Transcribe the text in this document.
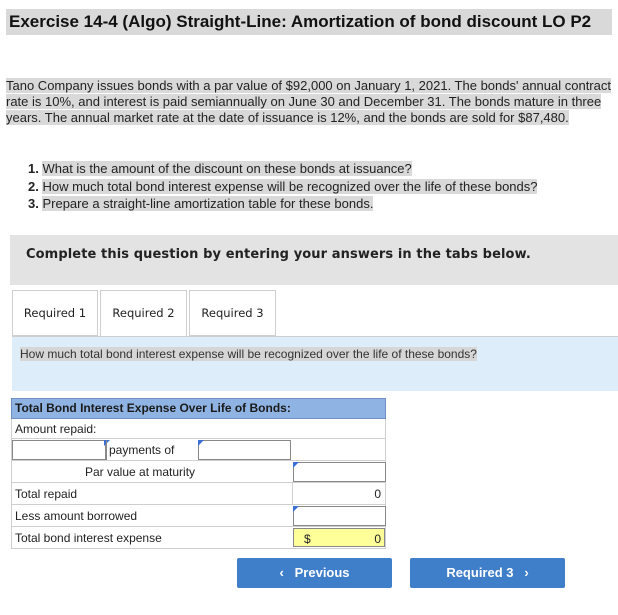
Exercise 14-4 (Algo) Straight-Line: Amortization of bond discount LO P2
Tano Company issues bonds with a par value of $92,000 on January 1, 2021. The bonds' annual contract rate is 10%, and interest is paid semiannually on June 30 and December 31. The bonds mature in three years. The annual market rate at the date of issuance is 12%, and the bonds are sold for $87,480.
1. What is the amount of the discount on these bonds at issuance?
2. How much total bond interest expense will be recognized over the life of these bonds?
3. Prepare a straight-line amortization table for these bonds.
Complete this question by entering your answers in the tabs below.
Required 1	Required 2	Required 3
How much total bond interest expense will be recognized over the life of these bonds?
Total Bond Interest Expense Over Life of Bonds:
Amount repaid:
payments of
Par value at maturity
Total repaid	0
Less amount borrowed
Total bond interest expense	$	0
‹ Previous	Required 3 ›
